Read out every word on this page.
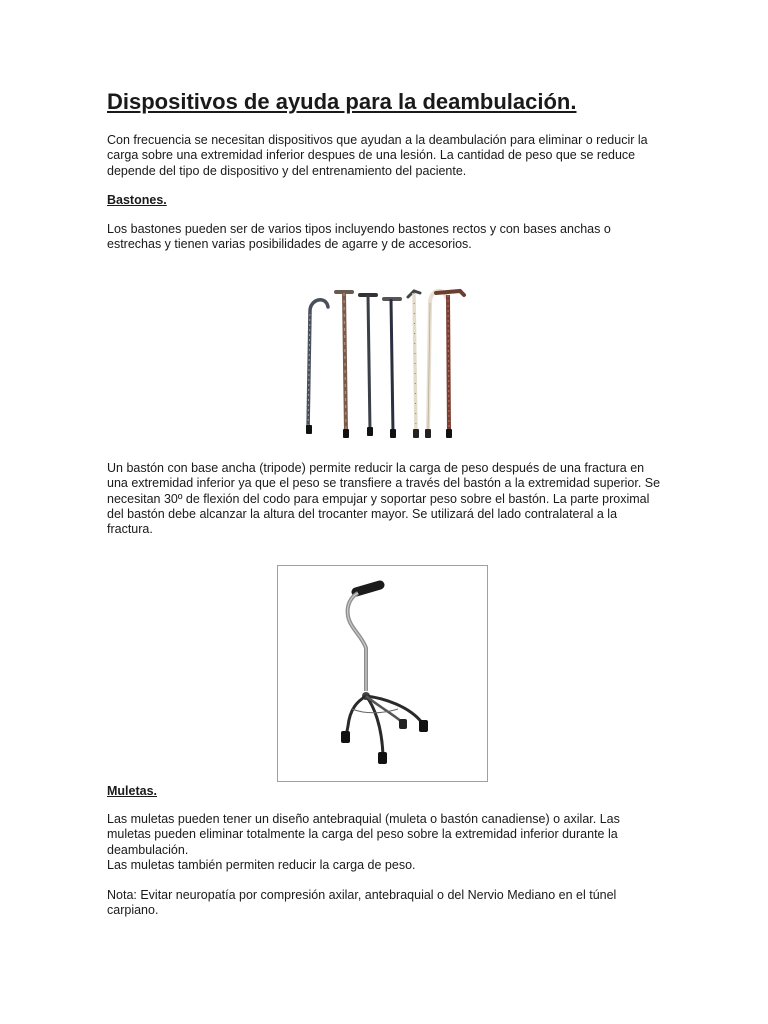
Dispositivos de ayuda para la deambulación.

Con frecuencia se necesitan dispositivos que ayudan a la deambulación para eliminar o reducir la carga sobre una extremidad inferior despues de una lesión. La cantidad de peso que se reduce depende del tipo de dispositivo y del entrenamiento del paciente.

Bastones.

Los bastones pueden ser de varios tipos incluyendo bastones rectos y con bases anchas o estrechas y tienen varias posibilidades de agarre y de accesorios.

Un bastón con base ancha (tripode) permite reducir la carga de peso después de una fractura en una extremidad inferior ya que el peso se transfiere a través del bastón a la extremidad superior. Se necesitan 30º de flexión del codo para empujar y soportar peso sobre el bastón. La parte proximal del bastón debe alcanzar la altura del trocanter mayor. Se utilizará del lado contralateral a la fractura.

Muletas.

Las muletas pueden tener un diseño antebraquial (muleta o bastón canadiense) o axilar. Las muletas pueden eliminar totalmente la carga del peso sobre la extremidad inferior durante la deambulación.

Las muletas también permiten reducir la carga de peso.

Nota: Evitar neuropatía por compresión axilar, antebraquial o del Nervio Mediano en el túnel carpiano.
